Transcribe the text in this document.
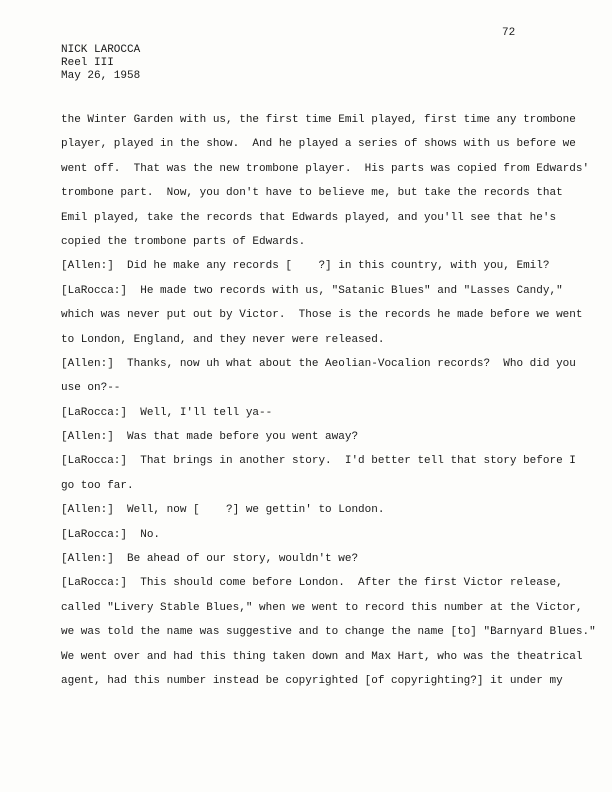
72
NICK LAROCCA
Reel III
May 26, 1958
the Winter Garden with us, the first time Emil played, first time any trombone
player, played in the show.  And he played a series of shows with us before we
went off.  That was the new trombone player.  His parts was copied from Edwards'
trombone part.  Now, you don't have to believe me, but take the records that
Emil played, take the records that Edwards played, and you'll see that he's
copied the trombone parts of Edwards.
[Allen:]  Did he make any records [    ?] in this country, with you, Emil?
[LaRocca:]  He made two records with us, "Satanic Blues" and "Lasses Candy,"
which was never put out by Victor.  Those is the records he made before we went
to London, England, and they never were released.
[Allen:]  Thanks, now uh what about the Aeolian-Vocalion records?  Who did you
use on?--
[LaRocca:]  Well, I'll tell ya--
[Allen:]  Was that made before you went away?
[LaRocca:]  That brings in another story.  I'd better tell that story before I
go too far.
[Allen:]  Well, now [    ?] we gettin' to London.
[LaRocca:]  No.
[Allen:]  Be ahead of our story, wouldn't we?
[LaRocca:]  This should come before London.  After the first Victor release,
called "Livery Stable Blues," when we went to record this number at the Victor,
we was told the name was suggestive and to change the name [to] "Barnyard Blues."
We went over and had this thing taken down and Max Hart, who was the theatrical
agent, had this number instead be copyrighted [of copyrighting?] it under my
